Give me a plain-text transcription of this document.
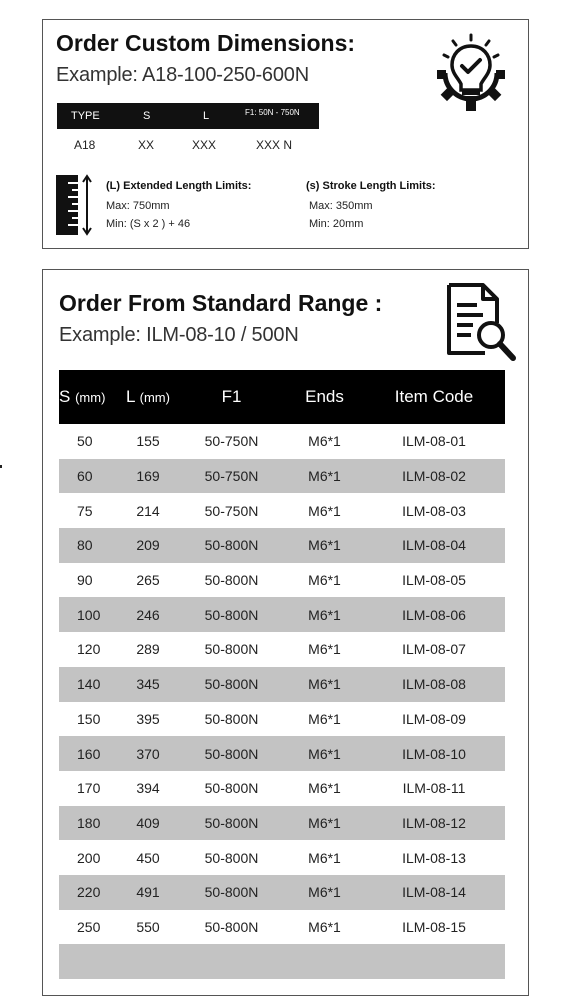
Order Custom Dimensions:
Example: A18-100-250-600N
TYPE	S	L	F1: 50N - 750N
A18	XX	XXX	XXX N
(L) Extended Length Limits:
Max: 750mm
Min: (S x 2 ) + 46
(s) Stroke Length Limits:
Max: 350mm
Min: 20mm
Order From Standard Range :
Example: ILM-08-10 / 500N
S (mm)	L (mm)	F1	Ends	Item Code
50	155	50-750N	M6*1	ILM-08-01
60	169	50-750N	M6*1	ILM-08-02
75	214	50-750N	M6*1	ILM-08-03
80	209	50-800N	M6*1	ILM-08-04
90	265	50-800N	M6*1	ILM-08-05
100	246	50-800N	M6*1	ILM-08-06
120	289	50-800N	M6*1	ILM-08-07
140	345	50-800N	M6*1	ILM-08-08
150	395	50-800N	M6*1	ILM-08-09
160	370	50-800N	M6*1	ILM-08-10
170	394	50-800N	M6*1	ILM-08-11
180	409	50-800N	M6*1	ILM-08-12
200	450	50-800N	M6*1	ILM-08-13
220	491	50-800N	M6*1	ILM-08-14
250	550	50-800N	M6*1	ILM-08-15
